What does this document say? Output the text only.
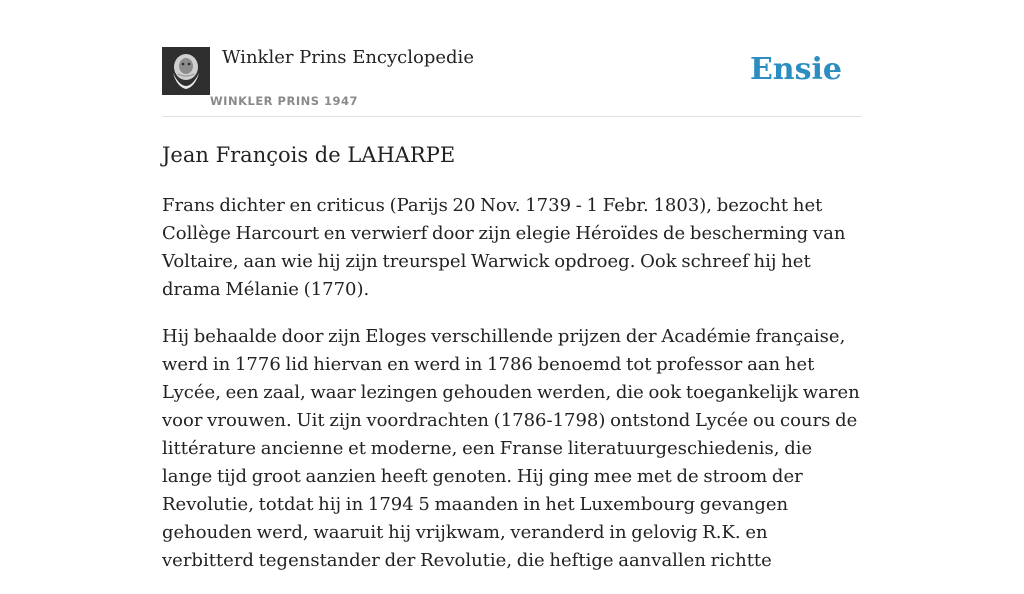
Winkler Prins Encyclopedie
WINKLER PRINS 1947
Ensie
Jean François de LAHARPE

Frans dichter en criticus (Parijs 20 Nov. 1739 - 1 Febr. 1803), bezocht het Collège Harcourt en verwierf door zijn elegie Héroïdes de bescherming van Voltaire, aan wie hij zijn treurspel Warwick opdroeg. Ook schreef hij het drama Mélanie (1770).

Hij behaalde door zijn Eloges verschillende prijzen der Académie française, werd in 1776 lid hiervan en werd in 1786 benoemd tot professor aan het Lycée, een zaal, waar lezingen gehouden werden, die ook toegankelijk waren voor vrouwen. Uit zijn voordrachten (1786-1798) ontstond Lycée ou cours de littérature ancienne et moderne, een Franse literatuurgeschiedenis, die lange tijd groot aanzien heeft genoten. Hij ging mee met de stroom der Revolutie, totdat hij in 1794 5 maanden in het Luxembourg gevangen gehouden werd, waaruit hij vrijkwam, veranderd in gelovig R.K. en verbitterd tegenstander der Revolutie, die heftige aanvallen richtte
